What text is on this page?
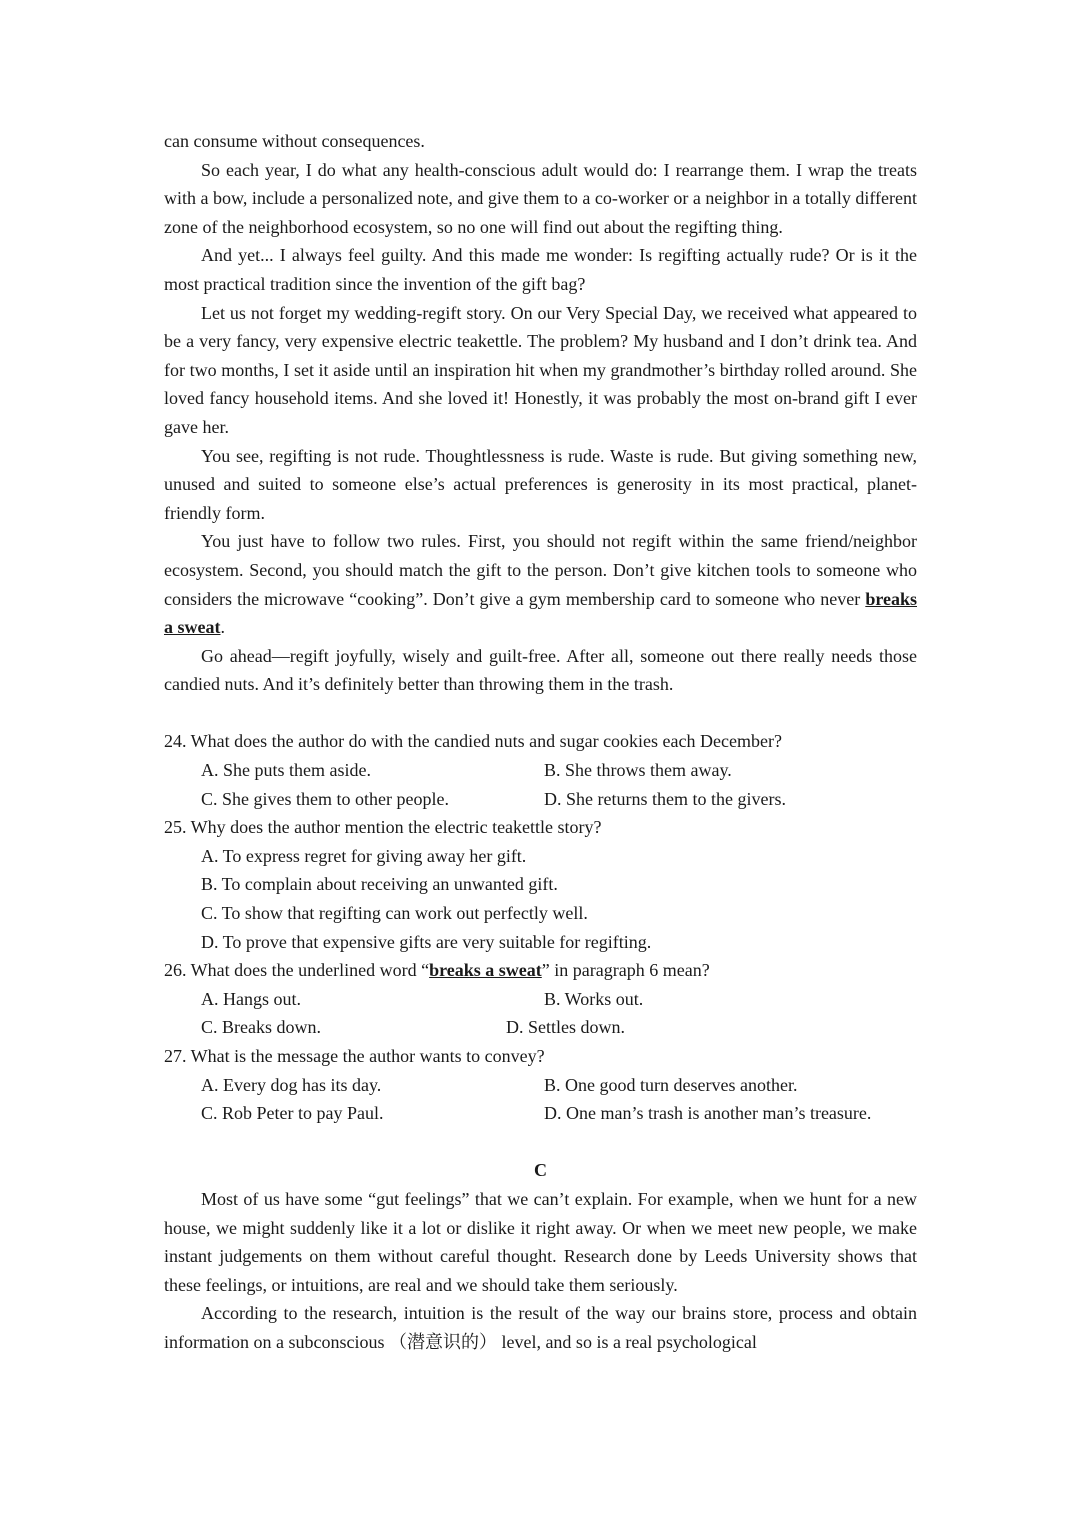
can consume without consequences.

So each year, I do what any health-conscious adult would do: I rearrange them. I wrap the treats with a bow, include a personalized note, and give them to a co-worker or a neighbor in a totally different zone of the neighborhood ecosystem, so no one will find out about the regifting thing.

And yet... I always feel guilty. And this made me wonder: Is regifting actually rude? Or is it the most practical tradition since the invention of the gift bag?

Let us not forget my wedding-regift story. On our Very Special Day, we received what appeared to be a very fancy, very expensive electric teakettle. The problem? My husband and I don’t drink tea. And for two months, I set it aside until an inspiration hit when my grandmother’s birthday rolled around. She loved fancy household items. And she loved it! Honestly, it was probably the most on-brand gift I ever gave her.

You see, regifting is not rude. Thoughtlessness is rude. Waste is rude. But giving something new, unused and suited to someone else’s actual preferences is generosity in its most practical, planet-friendly form.

You just have to follow two rules. First, you should not regift within the same friend/neighbor ecosystem. Second, you should match the gift to the person. Don’t give kitchen tools to someone who considers the microwave “cooking”. Don’t give a gym membership card to someone who never breaks a sweat.

Go ahead—regift joyfully, wisely and guilt-free. After all, someone out there really needs those candied nuts. And it’s definitely better than throwing them in the trash.

24. What does the author do with the candied nuts and sugar cookies each December?

A. She puts them aside.	B. She throws them away.
C. She gives them to other people.	D. She returns them to the givers.

25. Why does the author mention the electric teakettle story?

A. To express regret for giving away her gift.
B. To complain about receiving an unwanted gift.
C. To show that regifting can work out perfectly well.
D. To prove that expensive gifts are very suitable for regifting.

26. What does the underlined word “breaks a sweat” in paragraph 6 mean?

A. Hangs out.	B. Works out.
C. Breaks down.	D. Settles down.

27. What is the message the author wants to convey?

A. Every dog has its day.	B. One good turn deserves another.
C. Rob Peter to pay Paul.	D. One man’s trash is another man’s treasure.

C

Most of us have some “gut feelings” that we can’t explain. For example, when we hunt for a new house, we might suddenly like it a lot or dislike it right away. Or when we meet new people, we make instant judgements on them without careful thought. Research done by Leeds University shows that these feelings, or intuitions, are real and we should take them seriously.

According to the research, intuition is the result of the way our brains store, process and obtain information on a subconscious （潜意识的） level, and so is a real psychological
